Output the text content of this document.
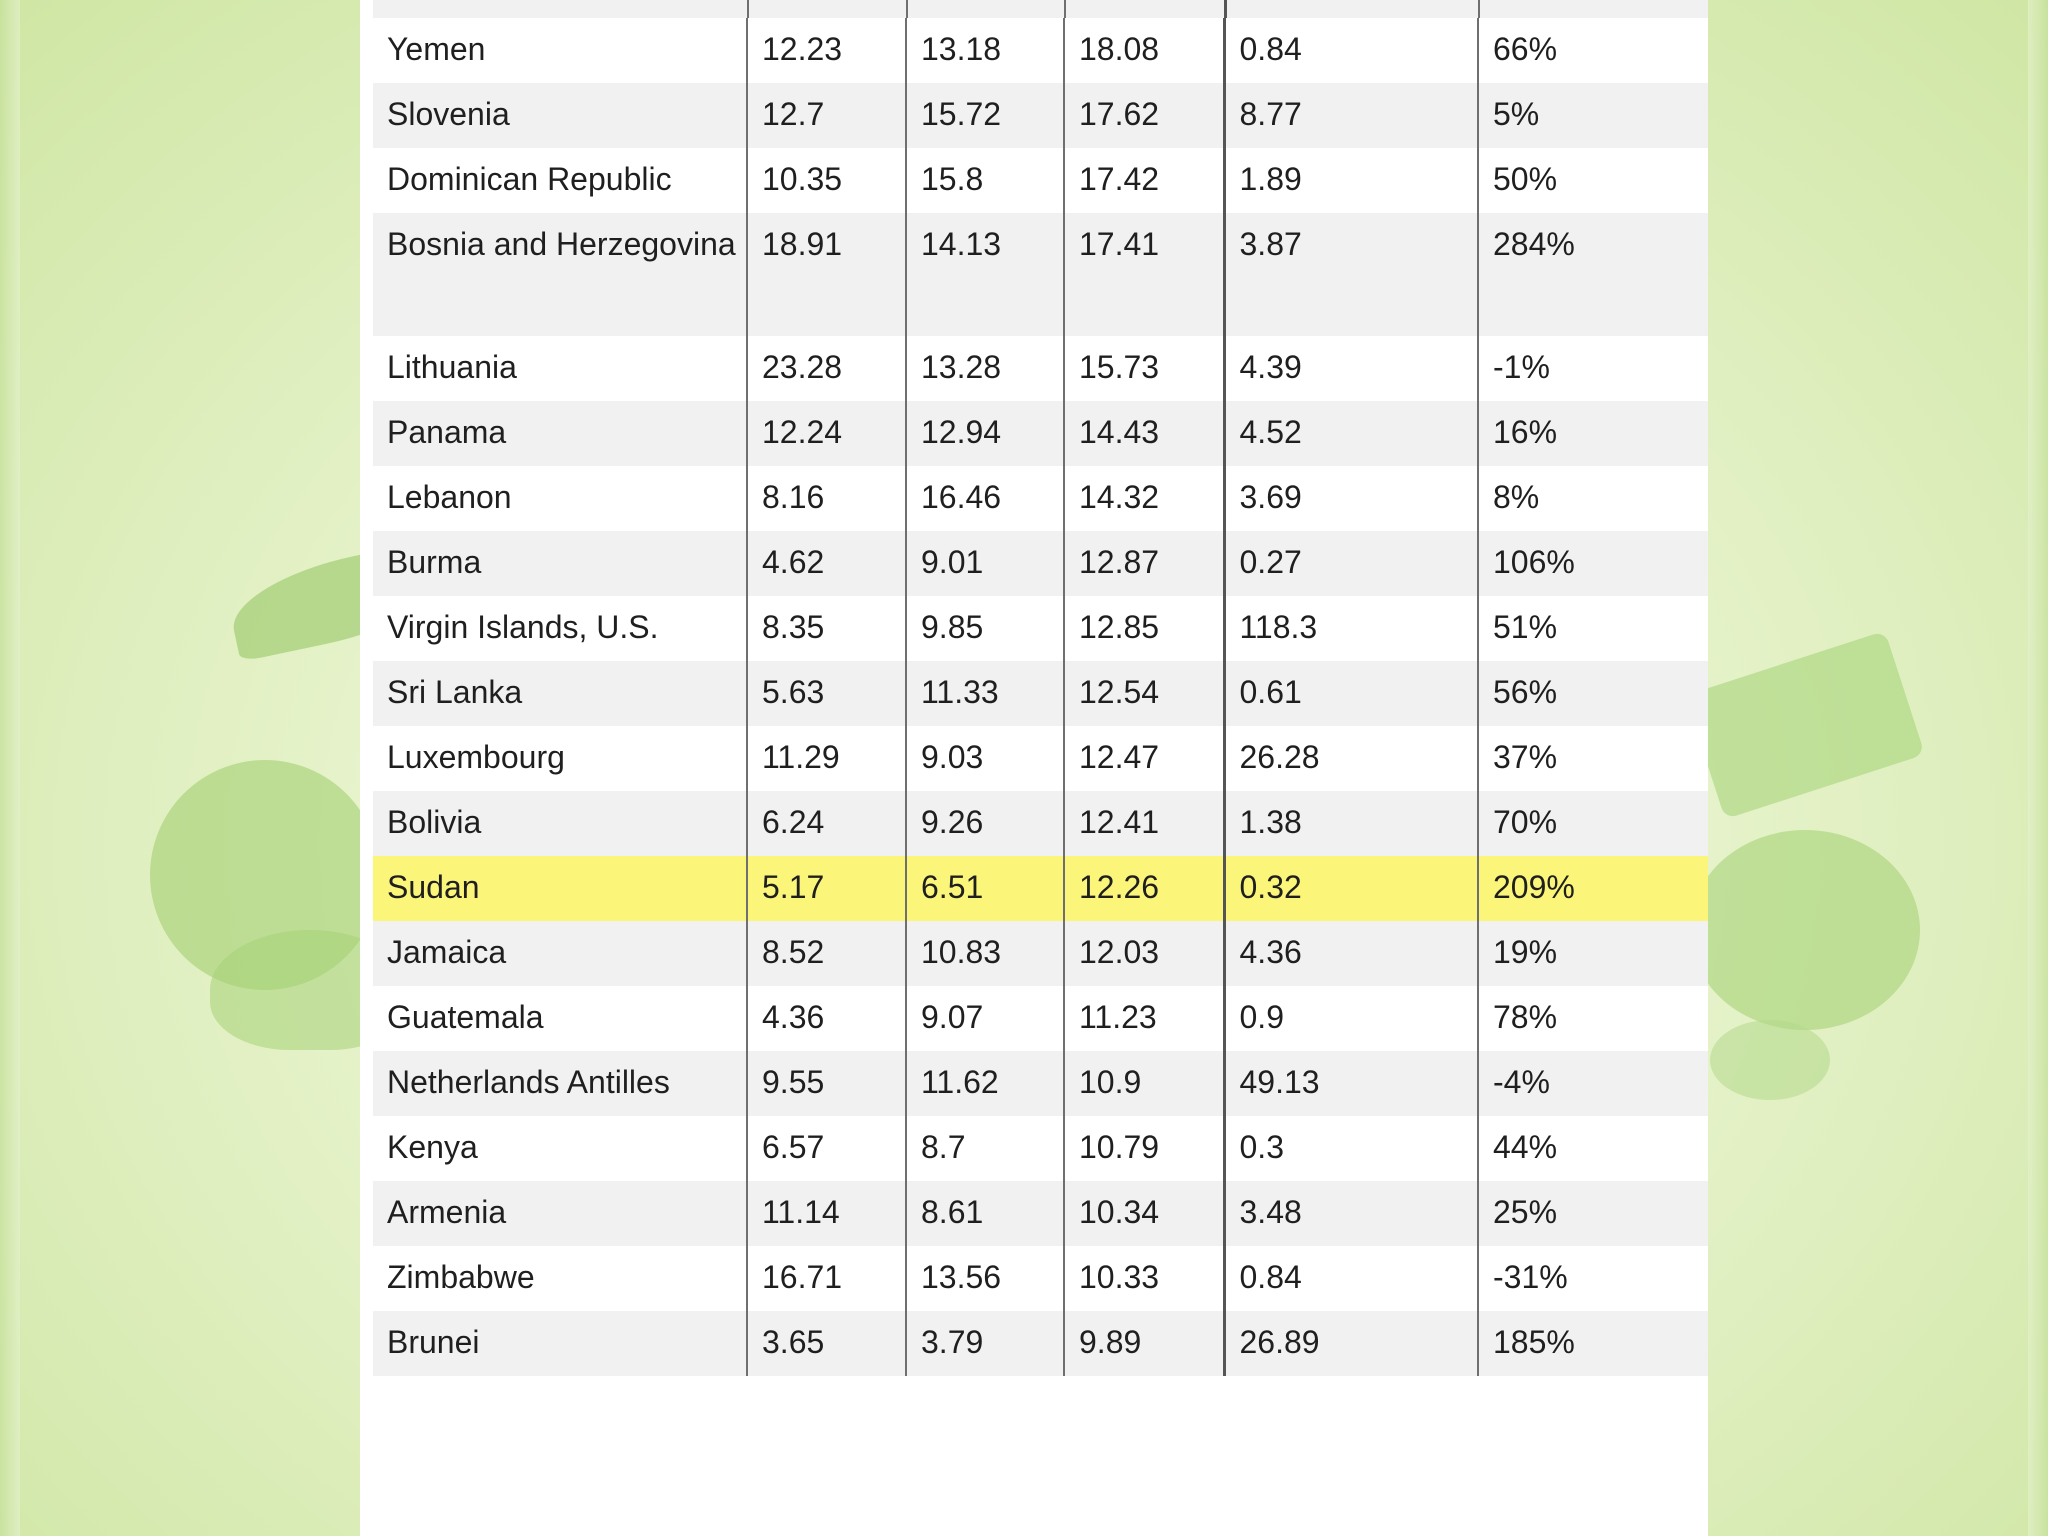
Yemen	12.23	13.18	18.08	0.84	66%
Slovenia	12.7	15.72	17.62	8.77	5%
Dominican Republic	10.35	15.8	17.42	1.89	50%
Bosnia and Herzegovina	18.91	14.13	17.41	3.87	284%
Lithuania	23.28	13.28	15.73	4.39	-1%
Panama	12.24	12.94	14.43	4.52	16%
Lebanon	8.16	16.46	14.32	3.69	8%
Burma	4.62	9.01	12.87	0.27	106%
Virgin Islands, U.S.	8.35	9.85	12.85	118.3	51%
Sri Lanka	5.63	11.33	12.54	0.61	56%
Luxembourg	11.29	9.03	12.47	26.28	37%
Bolivia	6.24	9.26	12.41	1.38	70%
Sudan	5.17	6.51	12.26	0.32	209%
Jamaica	8.52	10.83	12.03	4.36	19%
Guatemala	4.36	9.07	11.23	0.9	78%
Netherlands Antilles	9.55	11.62	10.9	49.13	-4%
Kenya	6.57	8.7	10.79	0.3	44%
Armenia	11.14	8.61	10.34	3.48	25%
Zimbabwe	16.71	13.56	10.33	0.84	-31%
Brunei	3.65	3.79	9.89	26.89	185%
